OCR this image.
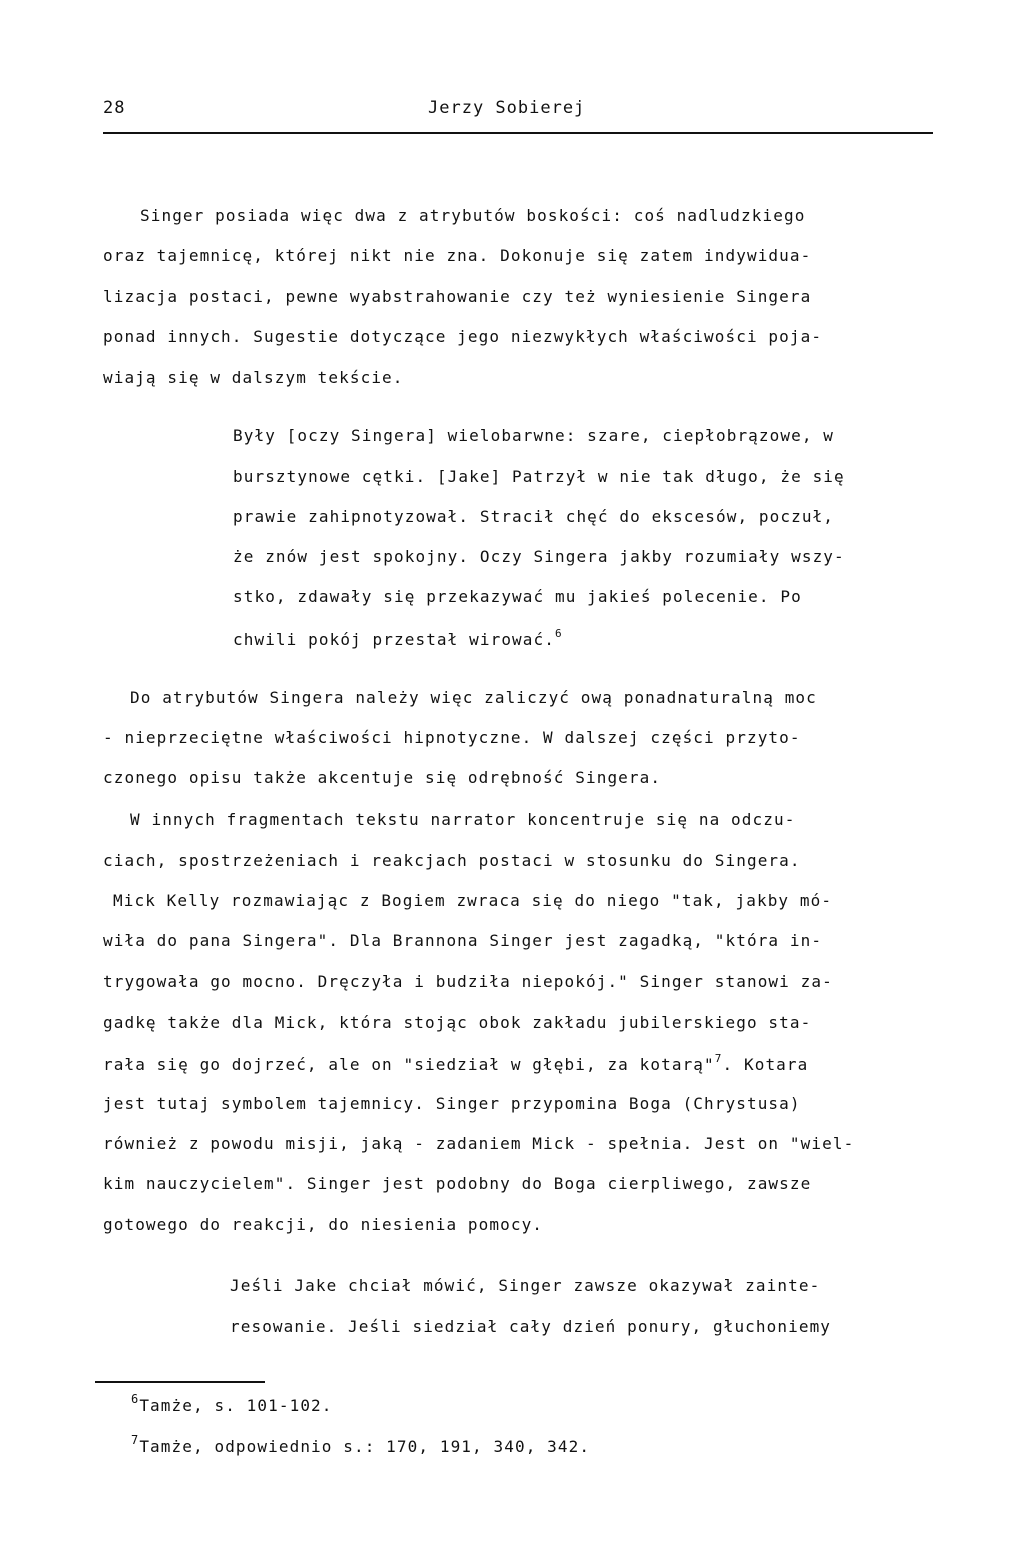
28	Jerzy Sobierej
Singer posiada więc dwa z atrybutów boskości: coś nadludzkiego
oraz tajemnicę, której nikt nie zna. Dokonuje się zatem indywidua-
lizacja postaci, pewne wyabstrahowanie czy też wyniesienie Singera
ponad innych. Sugestie dotyczące jego niezwykłych właściwości poja-
wiają się w dalszym tekście.
Były [oczy Singera] wielobarwne: szare, ciepłobrązowe, w
bursztynowe cętki. [Jake] Patrzył w nie tak długo, że się
prawie zahipnotyzował. Stracił chęć do ekscesów, poczuł,
że znów jest spokojny. Oczy Singera jakby rozumiały wszy-
stko, zdawały się przekazywać mu jakieś polecenie. Po
chwili pokój przestał wirować.$^6$
Do atrybutów Singera należy więc zaliczyć ową ponadnaturalną moc
- nieprzeciętne właściwości hipnotyczne. W dalszej części przyto-
czonego opisu także akcentuje się odrębność Singera.
W innych fragmentach tekstu narrator koncentruje się na odczu-
ciach, spostrzeżeniach i reakcjach postaci w stosunku do Singera.
Mick Kelly rozmawiając z Bogiem zwraca się do niego "tak, jakby mó-
wiła do pana Singera". Dla Brannona Singer jest zagadką, "która in-
trygowała go mocno. Dręczyła i budziła niepokój." Singer stanowi za-
gadkę także dla Mick, która stojąc obok zakładu jubilerskiego sta-
rała się go dojrzeć, ale on "siedział w głębi, za kotarą"$^7$. Kotara
jest tutaj symbolem tajemnicy. Singer przypomina Boga (Chrystusa)
również z powodu misji, jaką - zadaniem Mick - spełnia. Jest on "wiel-
kim nauczycielem". Singer jest podobny do Boga cierpliwego, zawsze
gotowego do reakcji, do niesienia pomocy.
Jeśli Jake chciał mówić, Singer zawsze okazywał zainte-
resowanie. Jeśli siedział cały dzień ponury, głuchoniemy
$^6$Tamże, s. 101-102.
$^7$Tamże, odpowiednio s.: 170, 191, 340, 342.
